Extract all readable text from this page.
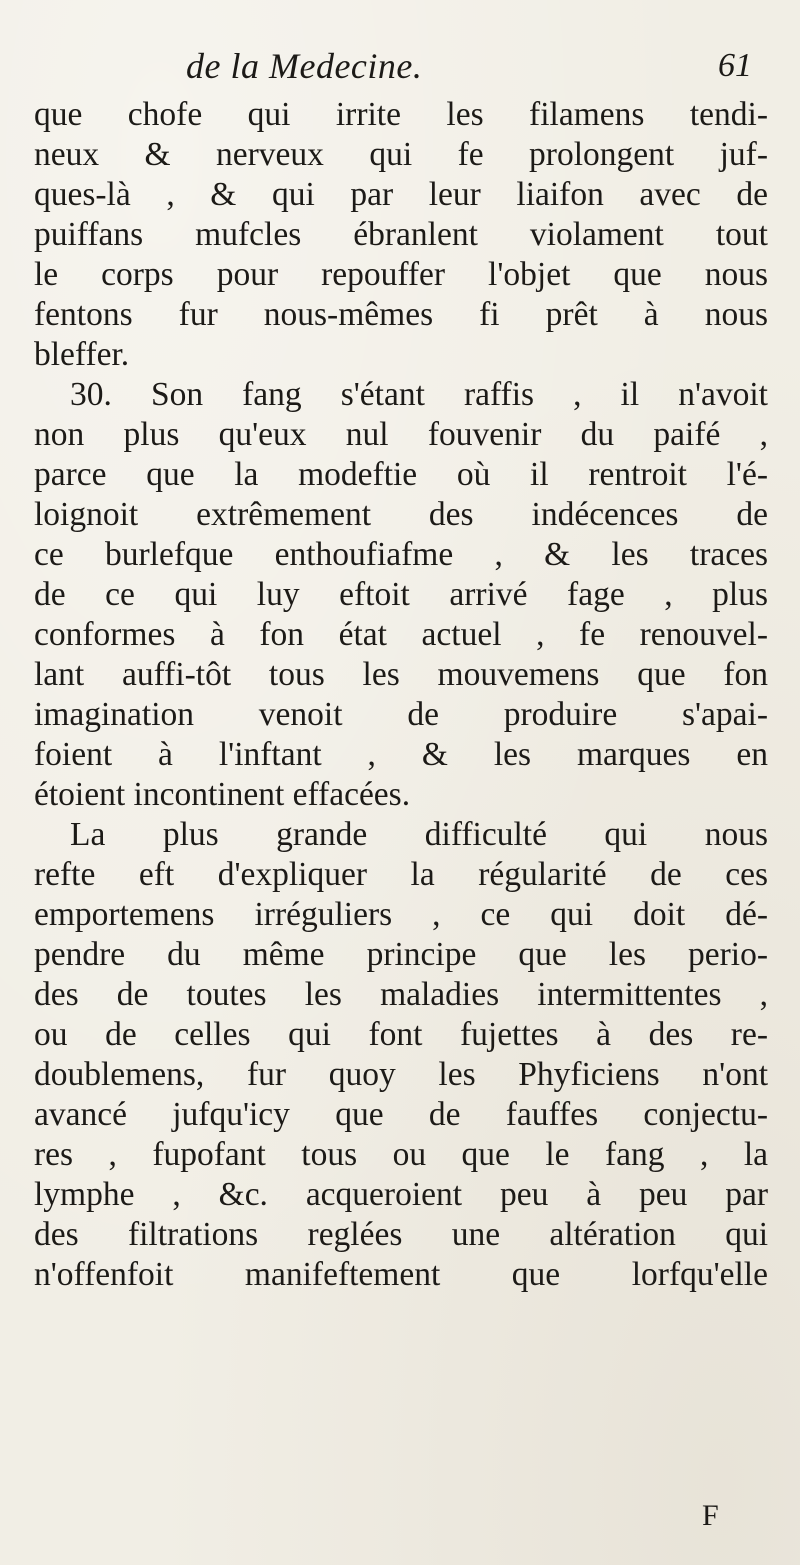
de la Medecine.	61
que chofe qui irrite les filamens tendi-
neux & nerveux qui fe prolongent juf-
ques-là , & qui par leur liaifon avec de
puiffans mufcles ébranlent violament tout
le corps pour repouffer l'objet que nous
fentons fur nous-mêmes fi prêt à nous
bleffer.
30. Son fang s'étant raffis , il n'avoit
non plus qu'eux nul fouvenir du paifé ,
parce que la modeftie où il rentroit l'é-
loignoit extrêmement des indécences de
ce burlefque enthoufiafme , & les traces
de ce qui luy eftoit arrivé fage , plus
conformes à fon état actuel , fe renouvel-
lant auffi-tôt tous les mouvemens que fon
imagination venoit de produire s'apai-
foient à l'inftant , & les marques en
étoient incontinent effacées.
La plus grande difficulté qui nous
refte eft d'expliquer la régularité de ces
emportemens irréguliers , ce qui doit dé-
pendre du même principe que les perio-
des de toutes les maladies intermittentes ,
ou de celles qui font fujettes à des re-
doublemens, fur quoy les Phyficiens n'ont
avancé jufqu'icy que de fauffes conjectu-
res , fupofant tous ou que le fang , la
lymphe , &c. acqueroient peu à peu par
des filtrations reglées une altération qui
n'offenfoit manifeftement que lorfqu'elle
F
